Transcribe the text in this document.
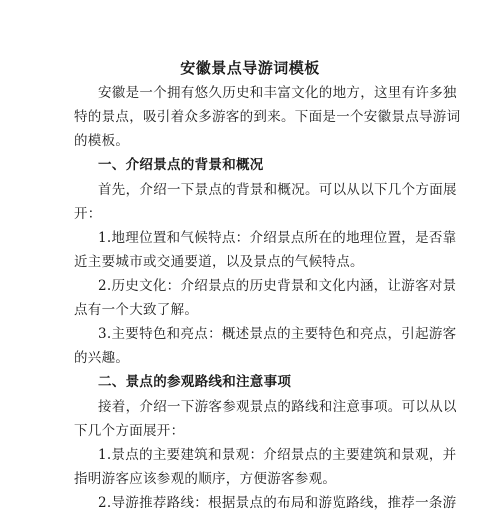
安徽景点导游词模板
安徽是一个拥有悠久历史和丰富文化的地方，这里有许多独
特的景点，吸引着众多游客的到来。下面是一个安徽景点导游词
的模板。
一、介绍景点的背景和概况
首先，介绍一下景点的背景和概况。可以从以下几个方面展
开：
1.地理位置和气候特点：介绍景点所在的地理位置，是否靠
近主要城市或交通要道，以及景点的气候特点。
2.历史文化：介绍景点的历史背景和文化内涵，让游客对景
点有一个大致了解。
3.主要特色和亮点：概述景点的主要特色和亮点，引起游客
的兴趣。
二、景点的参观路线和注意事项
接着，介绍一下游客参观景点的路线和注意事项。可以从以
下几个方面展开：
1.景点的主要建筑和景观：介绍景点的主要建筑和景观，并
指明游客应该参观的顺序，方便游客参观。
2.导游推荐路线：根据景点的布局和游览路线，推荐一条游
